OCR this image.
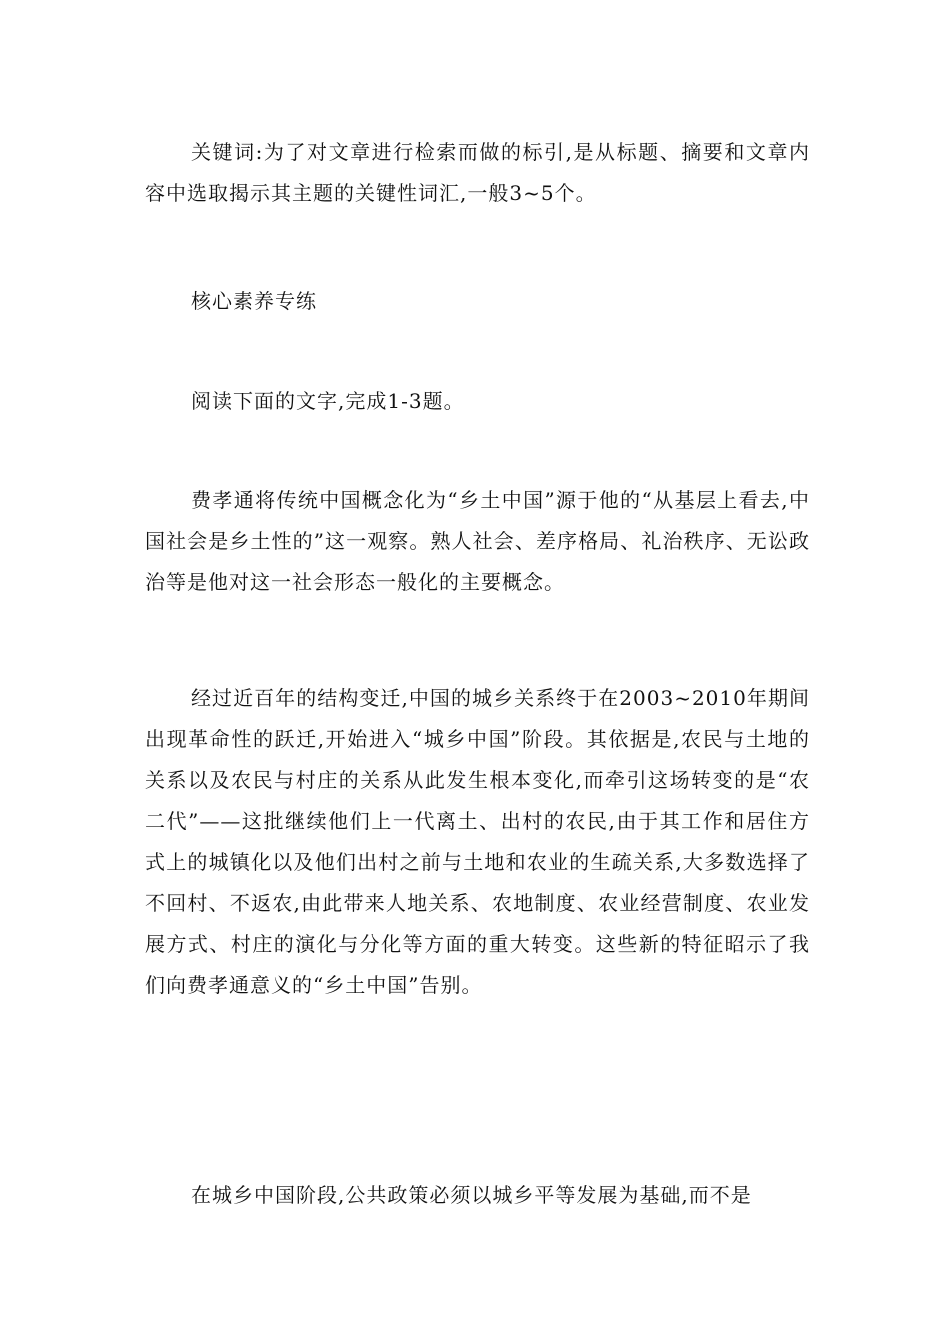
关键词:为了对文章进行检索而做的标引,是从标题、摘要和文章内容中选取揭示其主题的关键性词汇,一般3~5个。

核心素养专练

阅读下面的文字,完成1-3题。

费孝通将传统中国概念化为“乡土中国”源于他的“从基层上看去,中国社会是乡土性的”这一观察。熟人社会、差序格局、礼治秩序、无讼政治等是他对这一社会形态一般化的主要概念。

经过近百年的结构变迁,中国的城乡关系终于在2003~2010年期间出现革命性的跃迁,开始进入“城乡中国”阶段。其依据是,农民与土地的关系以及农民与村庄的关系从此发生根本变化,而牵引这场转变的是“农二代”——这批继续他们上一代离土、出村的农民,由于其工作和居住方式上的城镇化以及他们出村之前与土地和农业的生疏关系,大多数选择了不回村、不返农,由此带来人地关系、农地制度、农业经营制度、农业发展方式、村庄的演化与分化等方面的重大转变。这些新的特征昭示了我们向费孝通意义的“乡土中国”告别。

在城乡中国阶段,公共政策必须以城乡平等发展为基础,而不是
